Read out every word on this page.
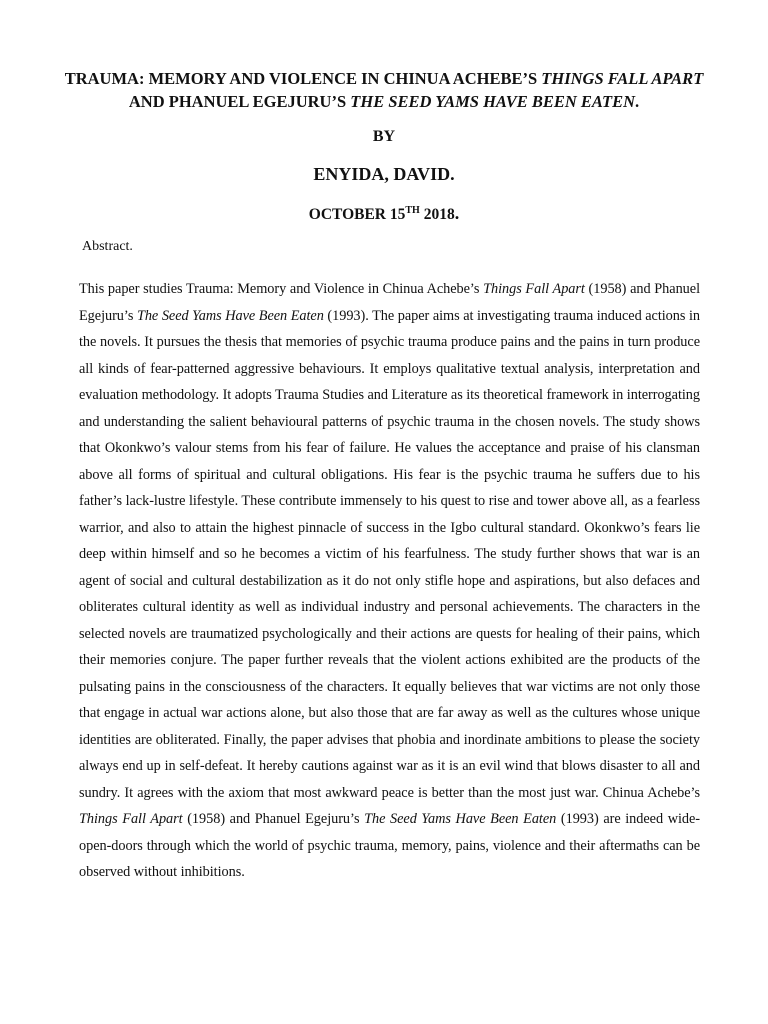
TRAUMA: MEMORY AND VIOLENCE IN CHINUA ACHEBE’S THINGS FALL APART AND PHANUEL EGEJURU’S THE SEED YAMS HAVE BEEN EATEN.
BY
ENYIDA, DAVID.
OCTOBER 15TH 2018.
Abstract.
This paper studies Trauma: Memory and Violence in Chinua Achebe’s Things Fall Apart (1958) and Phanuel Egejuru’s The Seed Yams Have Been Eaten (1993). The paper aims at investigating trauma induced actions in the novels. It pursues the thesis that memories of psychic trauma produce pains and the pains in turn produce all kinds of fear-patterned aggressive behaviours. It employs qualitative textual analysis, interpretation and evaluation methodology. It adopts Trauma Studies and Literature as its theoretical framework in interrogating and understanding the salient behavioural patterns of psychic trauma in the chosen novels. The study shows that Okonkwo’s valour stems from his fear of failure. He values the acceptance and praise of his clansman above all forms of spiritual and cultural obligations. His fear is the psychic trauma he suffers due to his father’s lack-lustre lifestyle. These contribute immensely to his quest to rise and tower above all, as a fearless warrior, and also to attain the highest pinnacle of success in the Igbo cultural standard. Okonkwo’s fears lie deep within himself and so he becomes a victim of his fearfulness. The study further shows that war is an agent of social and cultural destabilization as it do not only stifle hope and aspirations, but also defaces and obliterates cultural identity as well as individual industry and personal achievements. The characters in the selected novels are traumatized psychologically and their actions are quests for healing of their pains, which their memories conjure. The paper further reveals that the violent actions exhibited are the products of the pulsating pains in the consciousness of the characters. It equally believes that war victims are not only those that engage in actual war actions alone, but also those that are far away as well as the cultures whose unique identities are obliterated. Finally, the paper advises that phobia and inordinate ambitions to please the society always end up in self-defeat. It hereby cautions against war as it is an evil wind that blows disaster to all and sundry. It agrees with the axiom that most awkward peace is better than the most just war. Chinua Achebe’s Things Fall Apart (1958) and Phanuel Egejuru’s The Seed Yams Have Been Eaten (1993) are indeed wide-open-doors through which the world of psychic trauma, memory, pains, violence and their aftermaths can be observed without inhibitions.
